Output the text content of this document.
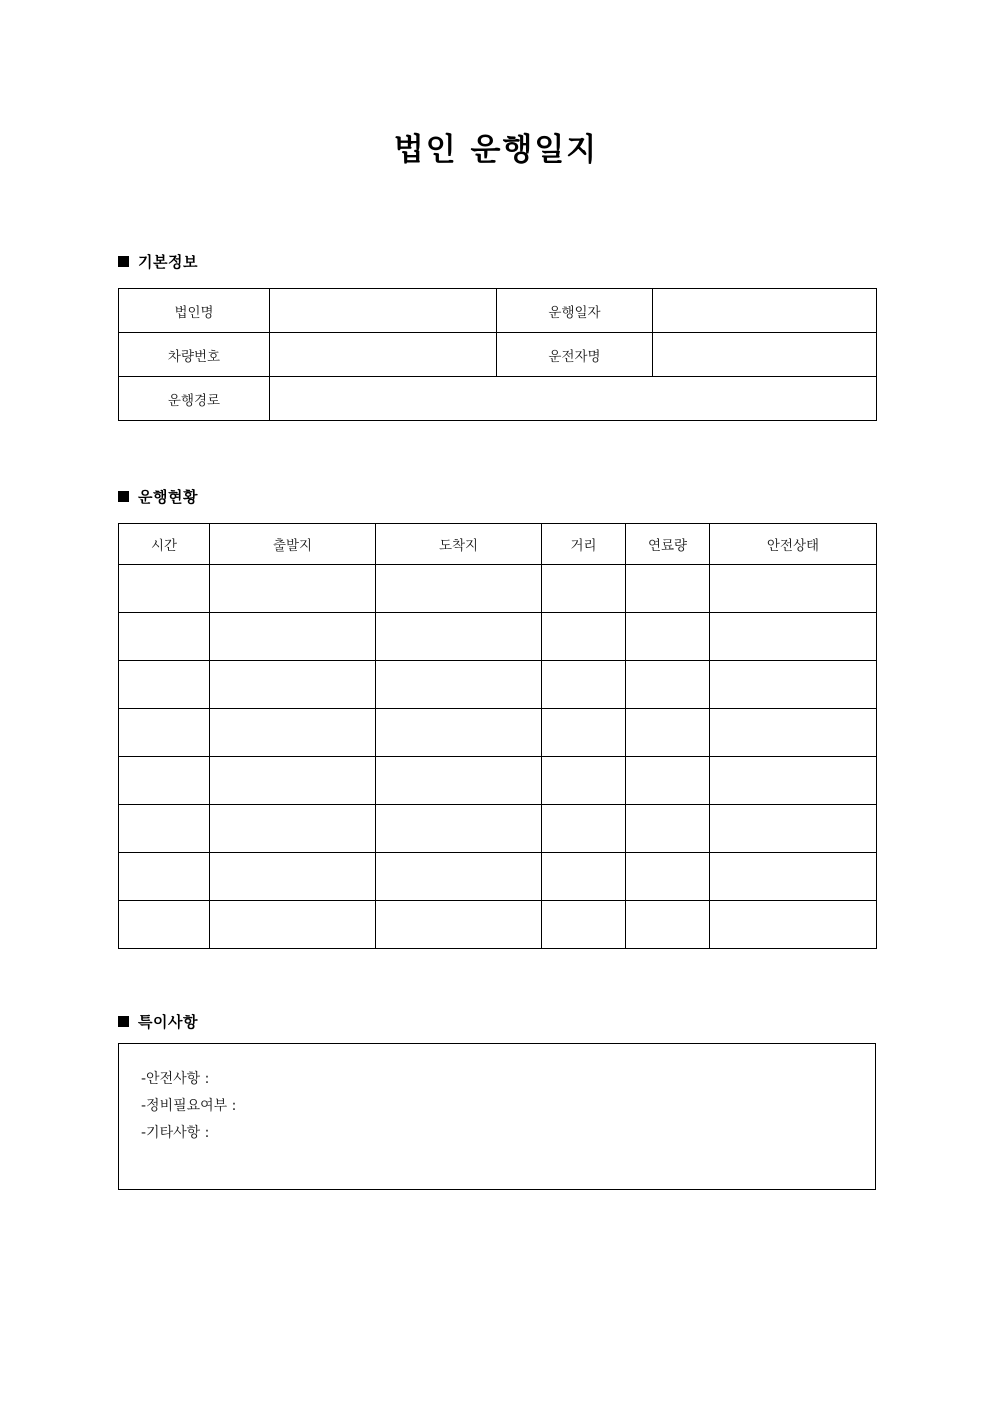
법인 운행일지
기본정보
법인명		운행일자	
차량번호		운전자명	
운행경로			
운행현황
시간	출발지	도착지	거리	연료량	안전상태

특이사항
-안전사항 :
-정비필요여부 :
-기타사항 :
